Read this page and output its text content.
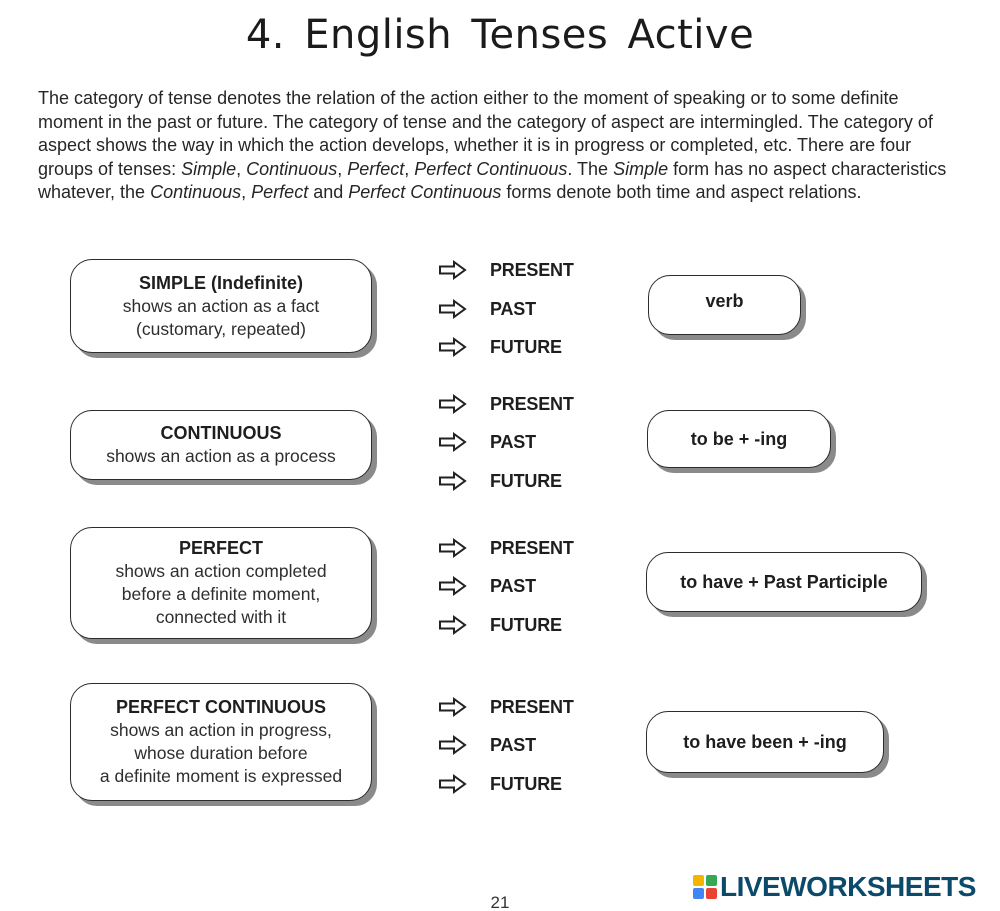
4. English Tenses Active

The category of tense denotes the relation of the action either to the moment of speaking or to some definite moment in the past or future. The category of tense and the category of aspect are intermingled. The category of aspect shows the way in which the action develops, whether it is in progress or completed, etc. There are four groups of tenses: Simple, Continuous, Perfect, Perfect Continuous. The Simple form has no aspect characteristics whatever, the Continuous, Perfect and Perfect Continuous forms denote both time and aspect relations.

SIMPLE (Indefinite)
shows an action as a fact
(customary, repeated)
PRESENT
PAST
FUTURE
verb
CONTINUOUS
shows an action as a process
PRESENT
PAST
FUTURE
to be + -ing
PERFECT
shows an action completed
before a definite moment,
connected with it
PRESENT
PAST
FUTURE
to have + Past Participle
PERFECT CONTINUOUS
shows an action in progress,
whose duration before
a definite moment is expressed
PRESENT
PAST
FUTURE
to have been + -ing
21
LIVEWORKSHEETS
